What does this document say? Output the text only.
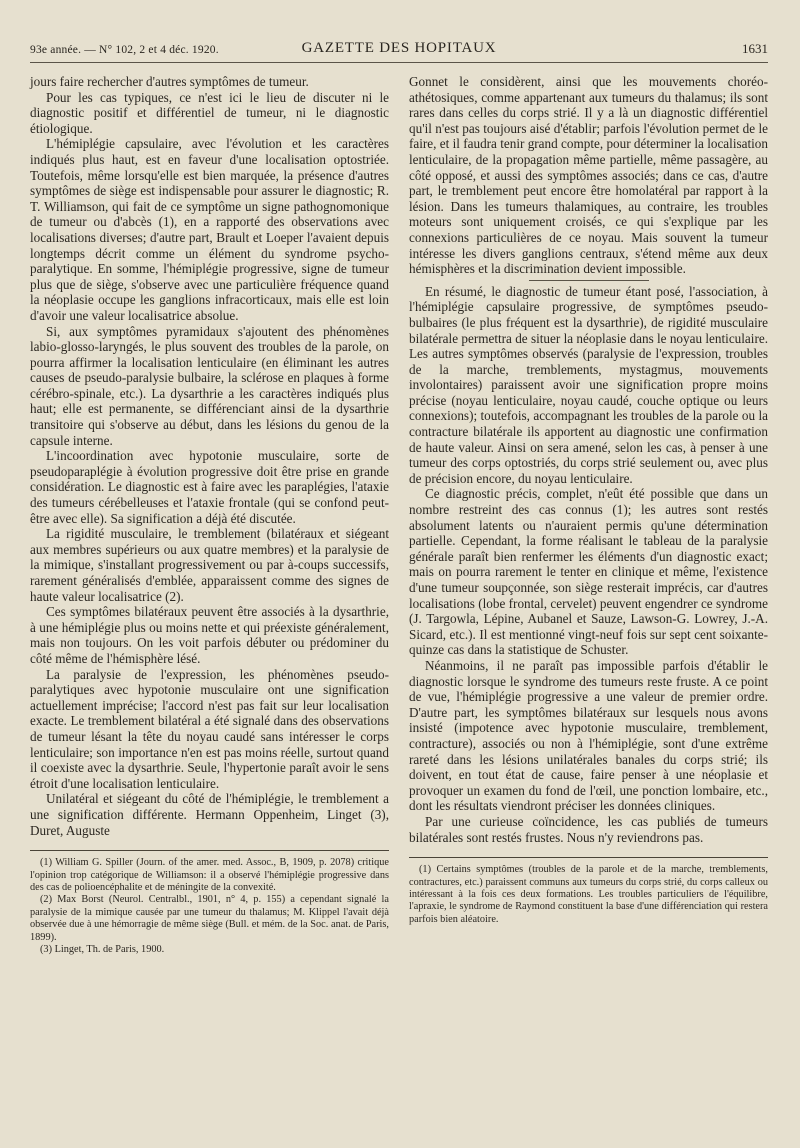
93e année. — N° 102, 2 et 4 déc. 1920.	GAZETTE DES HOPITAUX	1631

jours faire rechercher d'autres symptômes de tumeur.

Pour les cas typiques, ce n'est ici le lieu de discuter ni le diagnostic positif et différentiel de tumeur, ni le diagnostic étiologique.

L'hémiplégie capsulaire, avec l'évolution et les caractères indiqués plus haut, est en faveur d'une localisation optostriée. Toutefois, même lorsqu'elle est bien marquée, la présence d'autres symptômes de siège est indispensable pour assurer le diagnostic; R. T. Williamson, qui fait de ce symptôme un signe pathognomonique de tumeur ou d'abcès (1), en a rapporté des observations avec localisations diverses; d'autre part, Brault et Loeper l'avaient depuis longtemps décrit comme un élément du syndrome psycho-paralytique. En somme, l'hémiplégie progressive, signe de tumeur plus que de siège, s'observe avec une particulière fréquence quand la néoplasie occupe les ganglions infracorticaux, mais elle est loin d'avoir une valeur localisatrice absolue.

Si, aux symptômes pyramidaux s'ajoutent des phénomènes labio-glosso-laryngés, le plus souvent des troubles de la parole, on pourra affirmer la localisation lenticulaire (en éliminant les autres causes de pseudo-paralysie bulbaire, la sclérose en plaques à forme cérébro-spinale, etc.). La dysarthrie a les caractères indiqués plus haut; elle est permanente, se différenciant ainsi de la dysarthrie transitoire qui s'observe au début, dans les lésions du genou de la capsule interne.

L'incoordination avec hypotonie musculaire, sorte de pseudoparaplégie à évolution progressive doit être prise en grande considération. Le diagnostic est à faire avec les paraplégies, l'ataxie des tumeurs cérébelleuses et l'ataxie frontale (qui se confond peut-être avec elle). Sa signification a déjà été discutée.

La rigidité musculaire, le tremblement (bilatéraux et siégeant aux membres supérieurs ou aux quatre membres) et la paralysie de la mimique, s'installant progressivement ou par à-coups successifs, rarement généralisés d'emblée, apparaissent comme des signes de haute valeur localisatrice (2).

Ces symptômes bilatéraux peuvent être associés à la dysarthrie, à une hémiplégie plus ou moins nette et qui préexiste généralement, mais non toujours. On les voit parfois débuter ou prédominer du côté même de l'hémisphère lésé.

La paralysie de l'expression, les phénomènes pseudo-paralytiques avec hypotonie musculaire ont une signification actuellement imprécise; l'accord n'est pas fait sur leur localisation exacte. Le tremblement bilatéral a été signalé dans des observations de tumeur lésant la tête du noyau caudé sans intéresser le corps lenticulaire; son importance n'en est pas moins réelle, surtout quand il coexiste avec la dysarthrie. Seule, l'hypertonie paraît avoir le sens étroit d'une localisation lenticulaire.

Unilatéral et siégeant du côté de l'hémiplégie, le tremblement a une signification différente. Hermann Oppenheim, Linget (3), Duret, Auguste

(1) William G. Spiller (Journ. of the amer. med. Assoc., B, 1909, p. 2078) critique l'opinion trop catégorique de Williamson: il a observé l'hémiplégie progressive dans des cas de polioencéphalite et de méningite de la convexité.

(2) Max Borst (Neurol. Centralbl., 1901, n° 4, p. 155) a cependant signalé la paralysie de la mimique causée par une tumeur du thalamus; M. Klippel l'avait déjà observée due à une hémorragie de même siège (Bull. et mém. de la Soc. anat. de Paris, 1899).

(3) Linget, Th. de Paris, 1900.

Gonnet le considèrent, ainsi que les mouvements choréo-athétosiques, comme appartenant aux tumeurs du thalamus; ils sont rares dans celles du corps strié. Il y a là un diagnostic différentiel qu'il n'est pas toujours aisé d'établir; parfois l'évolution permet de le faire, et il faudra tenir grand compte, pour déterminer la localisation lenticulaire, de la propagation même partielle, même passagère, au côté opposé, et aussi des symptômes associés; dans ce cas, d'autre part, le tremblement peut encore être homolatéral par rapport à la lésion. Dans les tumeurs thalamiques, au contraire, les troubles moteurs sont uniquement croisés, ce qui s'explique par les connexions particulières de ce noyau. Mais souvent la tumeur intéresse les divers ganglions centraux, s'étend même aux deux hémisphères et la discrimination devient impossible.

En résumé, le diagnostic de tumeur étant posé, l'association, à l'hémiplégie capsulaire progressive, de symptômes pseudo-bulbaires (le plus fréquent est la dysarthrie), de rigidité musculaire bilatérale permettra de situer la néoplasie dans le noyau lenticulaire. Les autres symptômes observés (paralysie de l'expression, troubles de la marche, tremblements, mystagmus, mouvements involontaires) paraissent avoir une signification propre moins précise (noyau lenticulaire, noyau caudé, couche optique ou leurs connexions); toutefois, accompagnant les troubles de la parole ou la contracture bilatérale ils apportent au diagnostic une confirmation de haute valeur. Ainsi on sera amené, selon les cas, à penser à une tumeur des corps optostriés, du corps strié seulement ou, avec plus de précision encore, du noyau lenticulaire.

Ce diagnostic précis, complet, n'eût été possible que dans un nombre restreint des cas connus (1); les autres sont restés absolument latents ou n'auraient permis qu'une détermination partielle. Cependant, la forme réalisant le tableau de la paralysie générale paraît bien renfermer les éléments d'un diagnostic exact; mais on pourra rarement le tenter en clinique et même, l'existence d'une tumeur soupçonnée, son siège resterait imprécis, car d'autres localisations (lobe frontal, cervelet) peuvent engendrer ce syndrome (J. Targowla, Lépine, Aubanel et Sauze, Lawson-G. Lowrey, J.-A. Sicard, etc.). Il est mentionné vingt-neuf fois sur sept cent soixante-quinze cas dans la statistique de Schuster.

Néanmoins, il ne paraît pas impossible parfois d'établir le diagnostic lorsque le syndrome des tumeurs reste fruste. A ce point de vue, l'hémiplégie progressive a une valeur de premier ordre. D'autre part, les symptômes bilatéraux sur lesquels nous avons insisté (impotence avec hypotonie musculaire, tremblement, contracture), associés ou non à l'hémiplégie, sont d'une extrême rareté dans les lésions unilatérales banales du corps strié; ils doivent, en tout état de cause, faire penser à une néoplasie et provoquer un examen du fond de l'œil, une ponction lombaire, etc., dont les résultats viendront préciser les données cliniques.

Par une curieuse coïncidence, les cas publiés de tumeurs bilatérales sont restés frustes. Nous n'y reviendrons pas.

(1) Certains symptômes (troubles de la parole et de la marche, tremblements, contractures, etc.) paraissent communs aux tumeurs du corps strié, du corps calleux ou intéressant à la fois ces deux formations. Les troubles particuliers de l'équilibre, l'apraxie, le syndrome de Raymond constituent la base d'une différenciation qui restera parfois bien aléatoire.
